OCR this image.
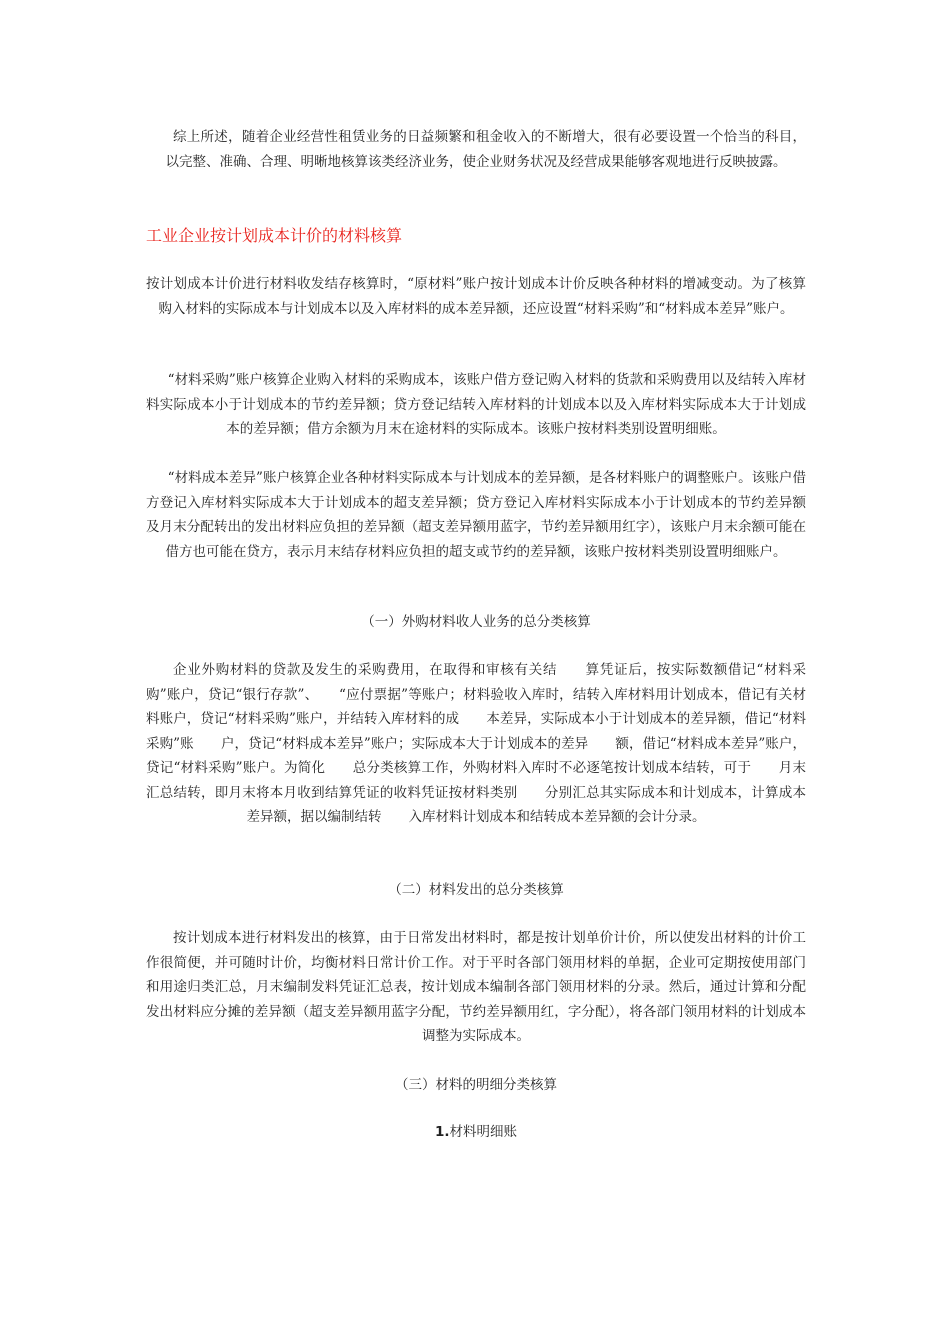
综上所述，随着企业经营性租赁业务的日益频繁和租金收入的不断增大，很有必要设置一个恰当的科目，以完整、准确、合理、明晰地核算该类经济业务，使企业财务状况及经营成果能够客观地进行反映披露。

工业企业按计划成本计价的材料核算

按计划成本计价进行材料收发结存核算时，“原材料”账户按计划成本计价反映各种材料的增减变动。为了核算购入材料的实际成本与计划成本以及入库材料的成本差异额，还应设置“材料采购”和“材料成本差异”账户。

“材料采购”账户核算企业购入材料的采购成本，该账户借方登记购入材料的货款和采购费用以及结转入库材料实际成本小于计划成本的节约差异额；贷方登记结转入库材料的计划成本以及入库材料实际成本大于计划成本的差异额；借方余额为月末在途材料的实际成本。该账户按材料类别设置明细账。

“材料成本差异”账户核算企业各种材料实际成本与计划成本的差异额，是各材料账户的调整账户。该账户借方登记入库材料实际成本大于计划成本的超支差异额；贷方登记入库材料实际成本小于计划成本的节约差异额及月末分配转出的发出材料应负担的差异额（超支差异额用蓝字，节约差异额用红字），该账户月末余额可能在借方也可能在贷方，表示月末结存材料应负担的超支或节约的差异额，该账户按材料类别设置明细账户。

（一）外购材料收人业务的总分类核算

企业外购材料的贷款及发生的采购费用，在取得和审核有关结　　算凭证后，按实际数额借记“材料采购”账户，贷记“银行存款”、　　“应付票据”等账户；材料验收入库时，结转入库材料用计划成本，借记有关材料账户，贷记“材料采购”账户，并结转入库材料的成　　本差异，实际成本小于计划成本的差异额，借记“材料采购”账　　户，贷记“材料成本差异”账户；实际成本大于计划成本的差异　　额，借记“材料成本差异”账户，贷记“材料采购”账户。为简化　　总分类核算工作，外购材料入库时不必逐笔按计划成本结转，可于　　月末汇总结转，即月末将本月收到结算凭证的收料凭证按材料类别　　分别汇总其实际成本和计划成本，计算成本差异额，据以编制结转　　入库材料计划成本和结转成本差异额的会计分录。

（二）材料发出的总分类核算

按计划成本进行材料发出的核算，由于日常发出材料时，都是按计划单价计价，所以使发出材料的计价工作很简便，并可随时计价，均衡材料日常计价工作。对于平时各部门领用材料的单据，企业可定期按使用部门和用途归类汇总，月末编制发料凭证汇总表，按计划成本编制各部门领用材料的分录。然后，通过计算和分配发出材料应分摊的差异额（超支差异额用蓝字分配，节约差异额用红，字分配），将各部门领用材料的计划成本调整为实际成本。

（三）材料的明细分类核算

1.材料明细账
